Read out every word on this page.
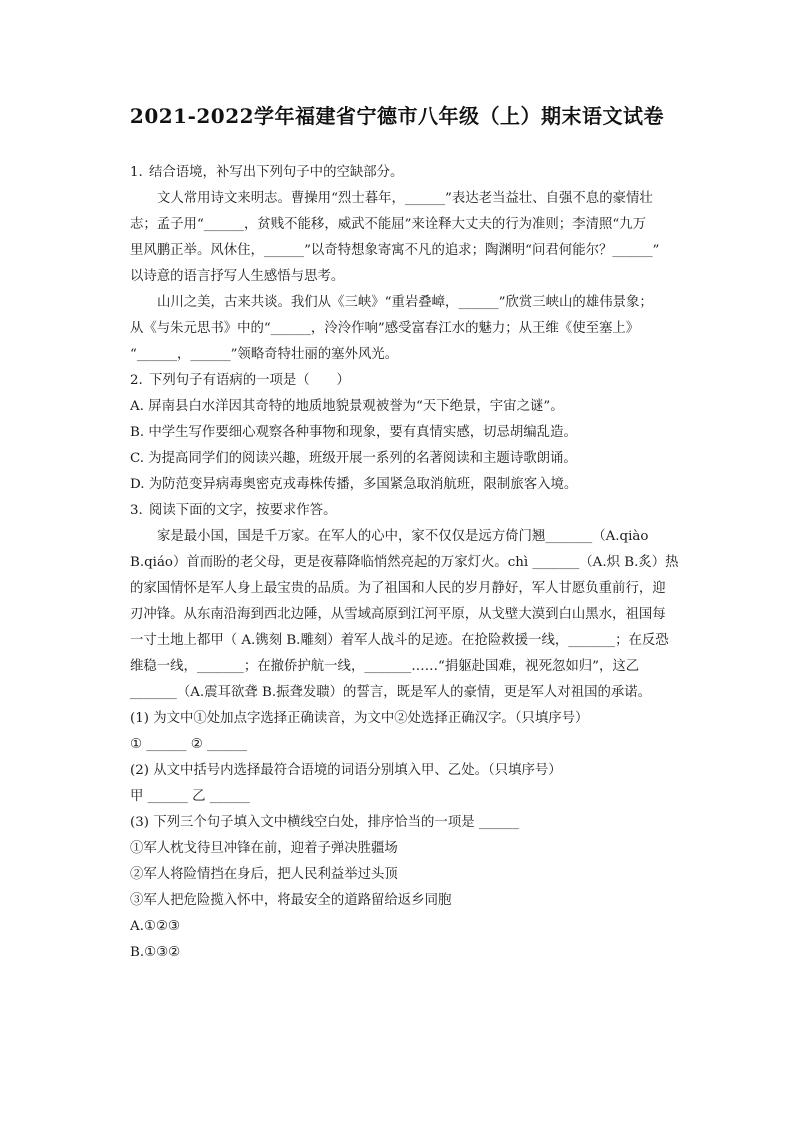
2021-2022学年福建省宁德市八年级（上）期末语文试卷
1. 结合语境，补写出下列句子中的空缺部分。
文人常用诗文来明志。曹操用“烈士暮年，______”表达老当益壮、自强不息的豪情壮
志；孟子用“______，贫贱不能移，威武不能屈”来诠释大丈夫的行为准则；李清照“九万
里风鹏正举。风休住，______”以奇特想象寄寓不凡的追求；陶渊明“问君何能尔？______”
以诗意的语言抒写人生感悟与思考。
山川之美，古来共谈。我们从《三峡》“重岩叠嶂，______”欣赏三峡山的雄伟景象；
从《与朱元思书》中的“______，泠泠作响”感受富春江水的魅力；从王维《使至塞上》
“______，______”领略奇特壮丽的塞外风光。
2. 下列句子有语病的一项是（　　）
A. 屏南县白水洋因其奇特的地质地貌景观被誉为“天下绝景，宇宙之谜”。
B. 中学生写作要细心观察各种事物和现象，要有真情实感，切忌胡编乱造。
C. 为提高同学们的阅读兴趣，班级开展一系列的名著阅读和主题诗歌朗诵。
D. 为防范变异病毒奥密克戎毒株传播，多国紧急取消航班，限制旅客入境。
3. 阅读下面的文字，按要求作答。
家是最小国，国是千万家。在军人的心中，家不仅仅是远方倚门翘_______（A.qiào
B.qiáo）首而盼的老父母，更是夜幕降临悄然亮起的万家灯火。chì _______（A.炽 B.炙）热
的家国情怀是军人身上最宝贵的品质。为了祖国和人民的岁月静好，军人甘愿负重前行，迎
刃冲锋。从东南沿海到西北边陲，从雪域高原到江河平原，从戈壁大漠到白山黑水，祖国每
一寸土地上都甲（ A.镌刻 B.雕刻）着军人战斗的足迹。在抢险救援一线，_______；在反恐
维稳一线，_______；在撤侨护航一线，_______……“捐躯赴国难，视死忽如归”，这乙
_______（A.震耳欲聋 B.振聋发聩）的誓言，既是军人的豪情，更是军人对祖国的承诺。
(1) 为文中①处加点字选择正确读音，为文中②处选择正确汉字。（只填序号）
① ______ ② ______
(2) 从文中括号内选择最符合语境的词语分别填入甲、乙处。（只填序号）
甲 ______ 乙 ______
(3) 下列三个句子填入文中横线空白处，排序恰当的一项是 ______
①军人枕戈待旦冲锋在前，迎着子弹决胜疆场
②军人将险情挡在身后，把人民利益举过头顶
③军人把危险揽入怀中，将最安全的道路留给返乡同胞
A.①②③
B.①③②
